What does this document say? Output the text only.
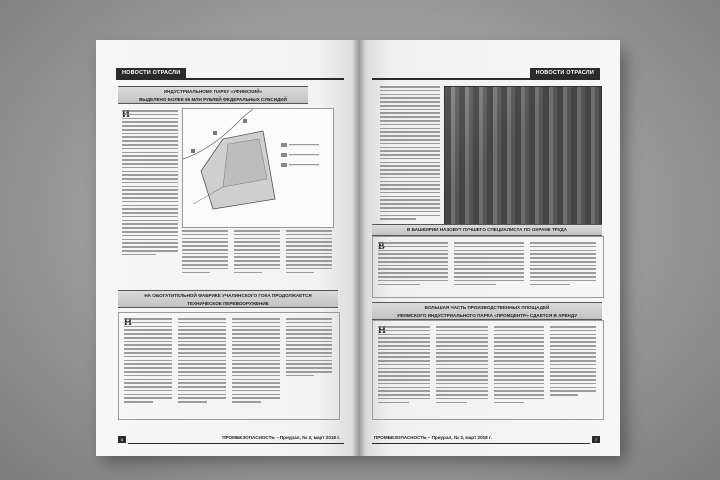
НОВОСТИ ОТРАСЛИ
ИНДУСТРИАЛЬНОМУ ПАРКУ «УФИМСКИЙ»
ВЫДЕЛЕНО БОЛЕЕ 66 МЛН РУБЛЕЙ ФЕДЕРАЛЬНЫХ СУБСИДИЙ
НА ОБОГАТИТЕЛЬНОЙ ФАБРИКЕ УЧАЛИНСКОГО ГОКА ПРОДОЛЖАЕТСЯ
ТЕХНИЧЕСКОЕ ПЕРЕВООРУЖЕНИЕ
6	ПРОМБЕЗОПАСНОСТЬ – Приурал, № 3, март 2018 г.
НОВОСТИ ОТРАСЛИ
В БАШКИРИИ НАЗОВУТ ЛУЧШЕГО СПЕЦИАЛИСТА ПО ОХРАНЕ ТРУДА
БОЛЬШАЯ ЧАСТЬ ПРОИЗВОДСТВЕННЫХ ПЛОЩАДЕЙ
УФИМСКОГО ИНДУСТРИАЛЬНОГО ПАРКА «ПРОМЦЕНТР» СДАЕТСЯ В АРЕНДУ
ПРОМБЕЗОПАСНОСТЬ – Приурал, № 3, март 2018 г.	7
